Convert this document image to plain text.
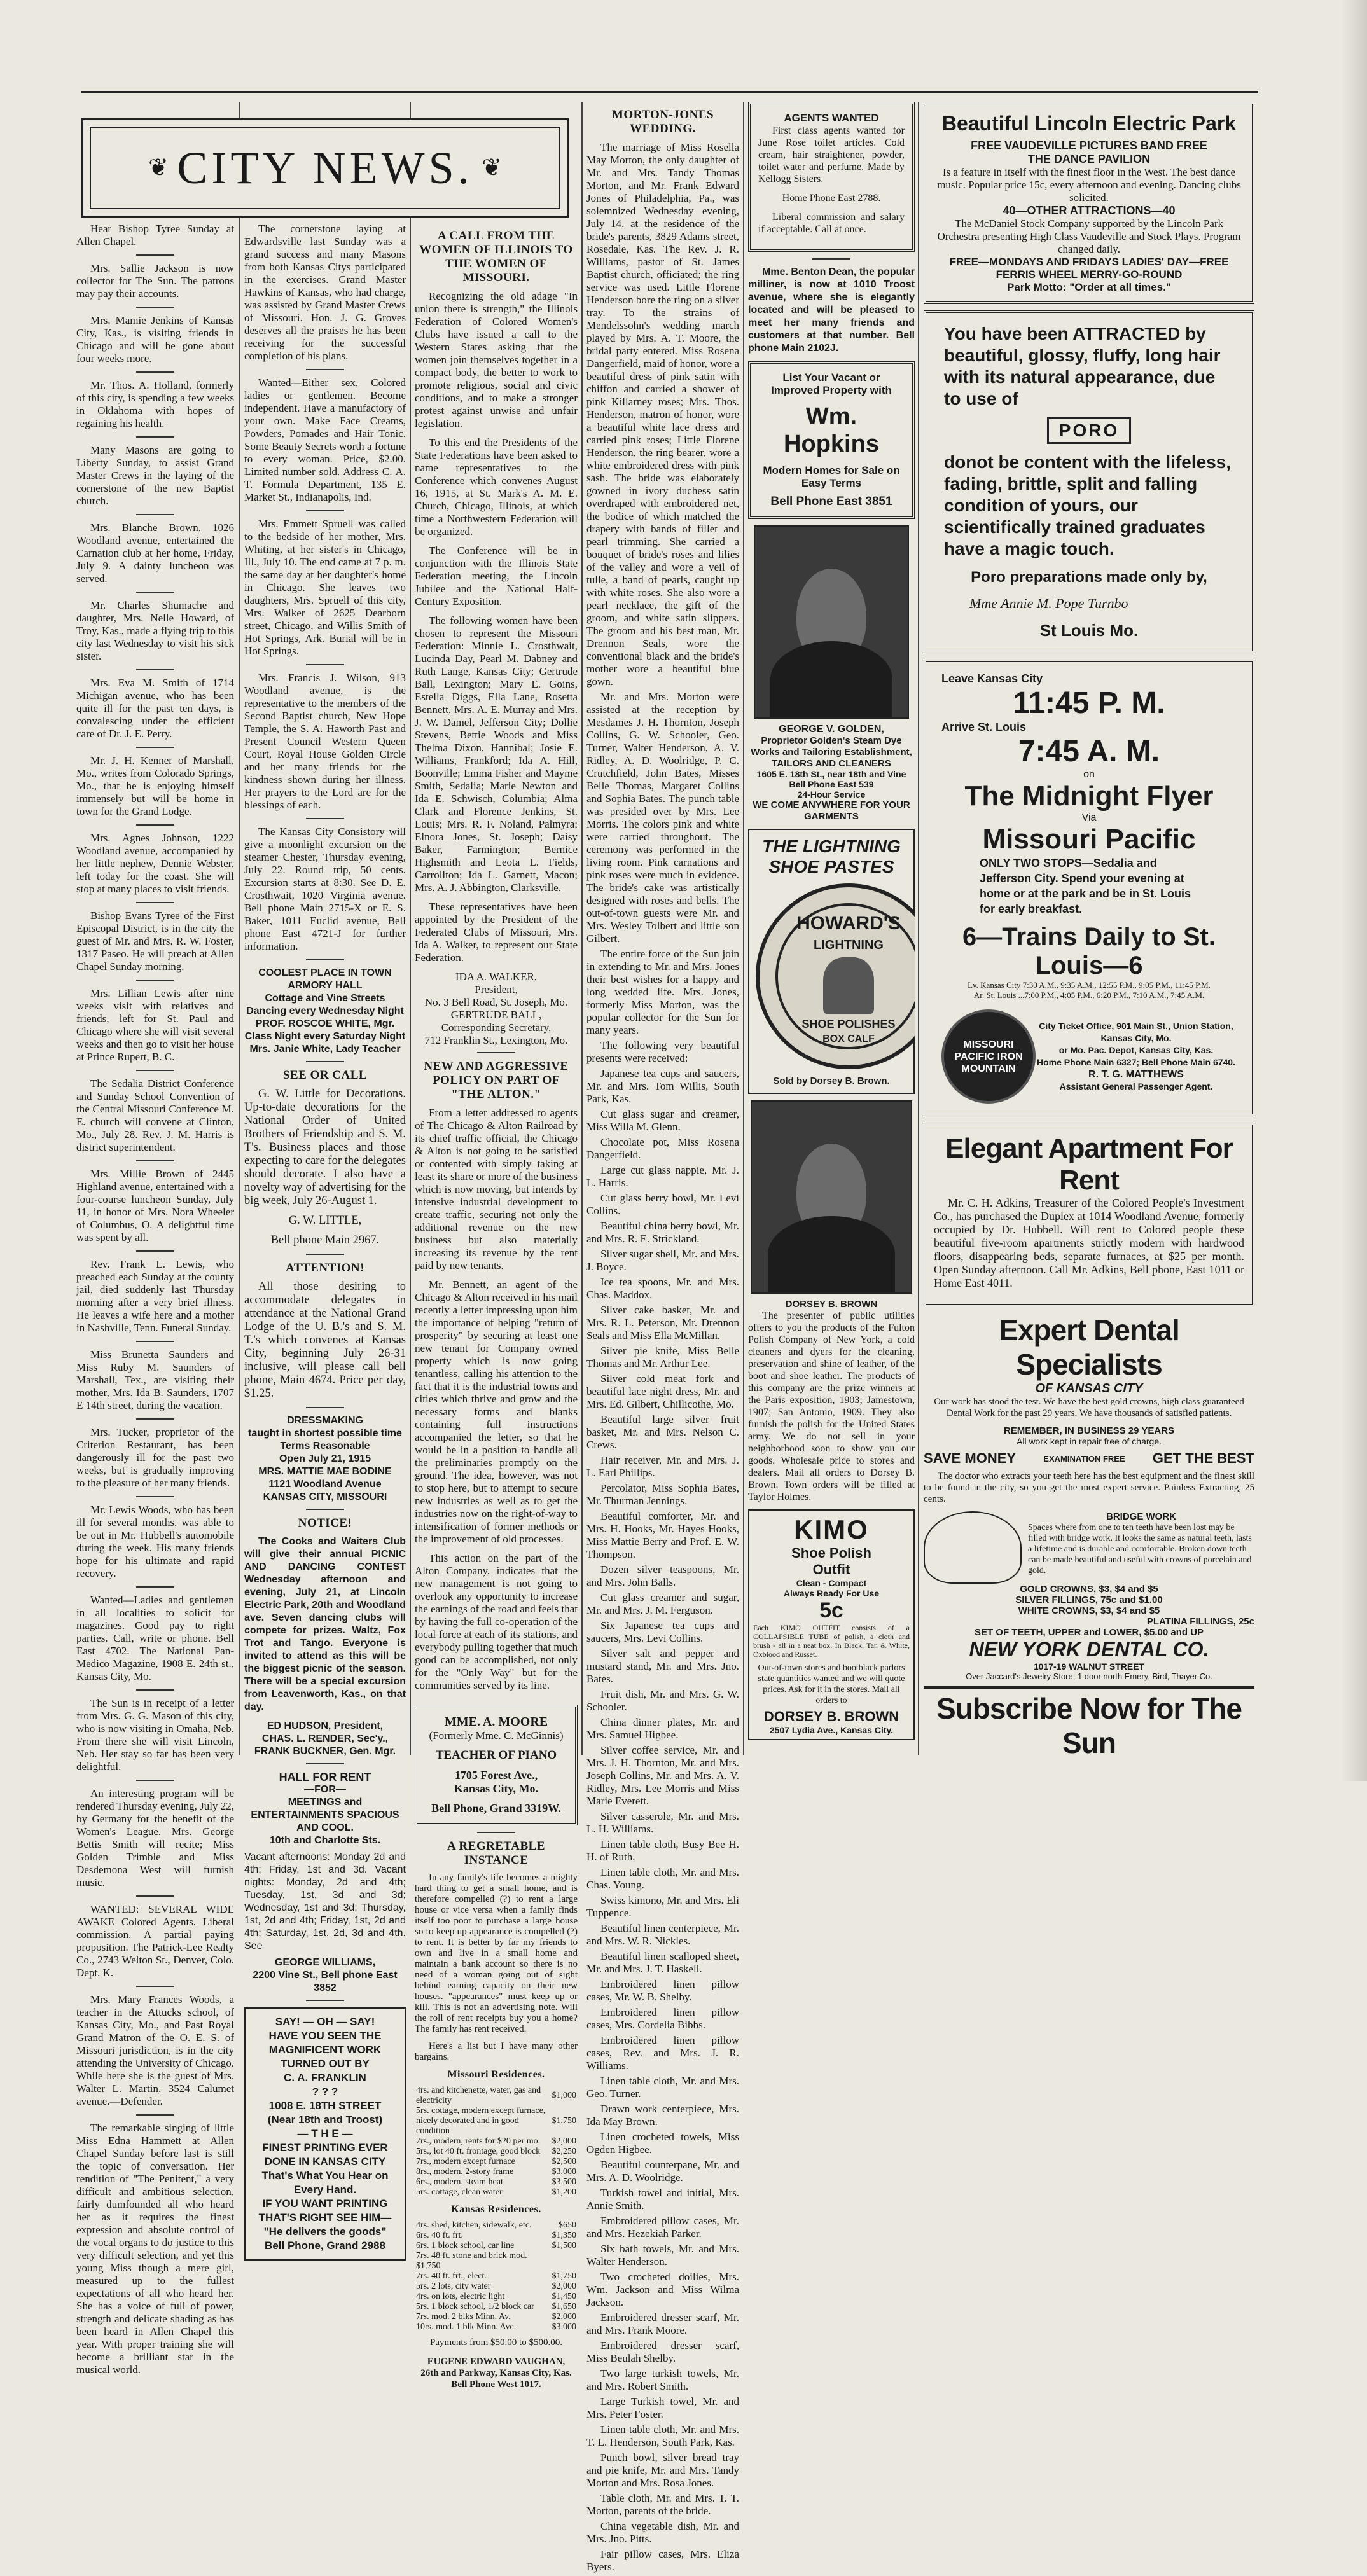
Hear Bishop Tyree Sunday at Allen Chapel.

Mrs. Sallie Jackson is now collector for The Sun. The patrons may pay their accounts.

Mrs. Mamie Jenkins of Kansas City, Kas., is visiting friends in Chicago and will be gone about four weeks more.

Mr. Thos. A. Holland, formerly of this city, is spending a few weeks in Oklahoma with hopes of regaining his health.

Many Masons are going to Liberty Sunday, to assist Grand Master Crews in the laying of the cornerstone of the new Baptist church.

Mrs. Blanche Brown, 1026 Woodland avenue, entertained the Carnation club at her home, Friday, July 9. A dainty luncheon was served.

Mr. Charles Shumache and daughter, Mrs. Nelle Howard, of Troy, Kas., made a flying trip to this city last Wednesday to visit his sick sister.

Mrs. Eva M. Smith of 1714 Michigan avenue, who has been quite ill for the past ten days, is convalescing under the efficient care of Dr. J. E. Perry.

Mr. J. H. Kenner of Marshall, Mo., writes from Colorado Springs, Mo., that he is enjoying himself immensely but will be home in town for the Grand Lodge.

Mrs. Agnes Johnson, 1222 Woodland avenue, accompanied by her little nephew, Dennie Webster, left today for the coast. She will stop at many places to visit friends.

Bishop Evans Tyree of the First Episcopal District, is in the city the guest of Mr. and Mrs. R. W. Foster, 1317 Paseo. He will preach at Allen Chapel Sunday morning.

Mrs. Lillian Lewis after nine weeks visit with relatives and friends, left for St. Paul and Chicago where she will visit several weeks and then go to visit her house at Prince Rupert, B. C.

The Sedalia District Conference and Sunday School Convention of the Central Missouri Conference M. E. church will convene at Clinton, Mo., July 28. Rev. J. M. Harris is district superintendent.

Mrs. Millie Brown of 2445 Highland avenue, entertained with a four-course luncheon Sunday, July 11, in honor of Mrs. Nora Wheeler of Columbus, O. A delightful time was spent by all.

Rev. Frank L. Lewis, who preached each Sunday at the county jail, died suddenly last Thursday morning after a very brief illness. He leaves a wife here and a mother in Nashville, Tenn. Funeral Sunday.

Miss Brunetta Saunders and Miss Ruby M. Saunders of Marshall, Tex., are visiting their mother, Mrs. Ida B. Saunders, 1707 E 14th street, during the vacation.

Mrs. Tucker, proprietor of the Criterion Restaurant, has been dangerously ill for the past two weeks, but is gradually improving to the pleasure of her many friends.

Mr. Lewis Woods, who has been ill for several months, was able to be out in Mr. Hubbell's automobile during the week. His many friends hope for his ultimate and rapid recovery.

Wanted—Ladies and gentlemen in all localities to solicit for magazines. Good pay to right parties. Call, write or phone. Bell East 4702. The National Pan-Medico Magazine, 1908 E. 24th st., Kansas City, Mo.

The Sun is in receipt of a letter from Mrs. G. G. Mason of this city, who is now visiting in Omaha, Neb. From there she will visit Lincoln, Neb. Her stay so far has been very delightful.

An interesting program will be rendered Thursday evening, July 22, by Germany for the benefit of the Women's League. Mrs. George Bettis Smith will recite; Miss Golden Trimble and Miss Desdemona West will furnish music.

WANTED: SEVERAL WIDE AWAKE Colored Agents. Liberal commission. A partial paying proposition. The Patrick-Lee Realty Co., 2743 Welton St., Denver, Colo. Dept. K.

Mrs. Mary Frances Woods, a teacher in the Attucks school, of Kansas City, Mo., and Past Royal Grand Matron of the O. E. S. of Missouri jurisdiction, is in the city attending the University of Chicago. While here she is the guest of Mrs. Walter L. Martin, 3524 Calumet avenue.—Defender.

The remarkable singing of little Miss Edna Hammett at Allen Chapel Sunday before last is still the topic of conversation. Her rendition of "The Penitent," a very difficult and ambitious selection, fairly dumfounded all who heard her as it requires the finest expression and absolute control of the vocal organs to do justice to this very difficult selection, and yet this young Miss though a mere girl, measured up to the fullest expectations of all who heard her. She has a voice of full of power, strength and delicate shading as has been heard in Allen Chapel this year. With proper training she will become a brilliant star in the musical world.

❦ CITY NEWS. ❦

The cornerstone laying at Edwardsville last Sunday was a grand success and many Masons from both Kansas Citys participated in the exercises. Grand Master Hawkins of Kansas, who had charge, was assisted by Grand Master Crews of Missouri. Hon. J. G. Groves deserves all the praises he has been receiving for the successful completion of his plans.

Wanted—Either sex, Colored ladies or gentlemen. Become independent. Have a manufactory of your own. Make Face Creams, Powders, Pomades and Hair Tonic. Some Beauty Secrets worth a fortune to every woman. Price, $2.00. Limited number sold. Address C. A. T. Formula Department, 135 E. Market St., Indianapolis, Ind.

Mrs. Emmett Spruell was called to the bedside of her mother, Mrs. Whiting, at her sister's in Chicago, Ill., July 10. The end came at 7 p. m. the same day at her daughter's home in Chicago. She leaves two daughters, Mrs. Spruell of this city, Mrs. Walker of 2625 Dearborn street, Chicago, and Willis Smith of Hot Springs, Ark. Burial will be in Hot Springs.

Mrs. Francis J. Wilson, 913 Woodland avenue, is the representative to the members of the Second Baptist church, New Hope Temple, the S. A. Haworth Past and Present Council Western Queen Court, Royal House Golden Circle and her many friends for the kindness shown during her illness. Her prayers to the Lord are for the blessings of each.

The Kansas City Consistory will give a moonlight excursion on the steamer Chester, Thursday evening, July 22. Round trip, 50 cents. Excursion starts at 8:30. See D. E. Crosthwait, 1020 Virginia avenue. Bell phone Main 2715-X or E. S. Baker, 1011 Euclid avenue, Bell phone East 4721-J for further information.

COOLEST PLACE IN TOWN
ARMORY HALL
Cottage and Vine Streets
Dancing every Wednesday Night
PROF. ROSCOE WHITE, Mgr.
Class Night every Saturday Night
Mrs. Janie White, Lady Teacher
SEE OR CALL

G. W. Little for Decorations. Up-to-date decorations for the National Order of United Brothers of Friendship and S. M. T's. Business places and those expecting to care for the delegates should decorate. I also have a novelty way of advertising for the big week, July 26-August 1.

G. W. LITTLE,

Bell phone Main 2967.

ATTENTION!

All those desiring to accommodate delegates in attendance at the National Grand Lodge of the U. B.'s and S. M. T.'s which convenes at Kansas City, beginning July 26-31 inclusive, will please call bell phone, Main 4674. Price per day, $1.25.

DRESSMAKING
taught in shortest possible time
Terms Reasonable
Open July 21, 1915
MRS. MATTIE MAE BODINE
1121 Woodland Avenue
KANSAS CITY, MISSOURI
NOTICE!

The Cooks and Waiters Club will give their annual PICNIC AND DANCING CONTEST Wednesday afternoon and evening, July 21, at Lincoln Electric Park, 20th and Woodland ave. Seven dancing clubs will compete for prizes. Waltz, Fox Trot and Tango. Everyone is invited to attend as this will be the biggest picnic of the season. There will be a special excursion from Leavenworth, Kas., on that day.

ED HUDSON, President,
CHAS. L. RENDER, Sec'y.,
FRANK BUCKNER, Gen. Mgr.
HALL FOR RENT
—FOR—
MEETINGS and ENTERTAINMENTS SPACIOUS AND COOL.
10th and Charlotte Sts.
Vacant afternoons: Monday 2d and 4th; Friday, 1st and 3d. Vacant nights: Monday, 2d and 4th; Tuesday, 1st, 3d and 3d; Wednesday, 1st and 3d; Thursday, 1st, 2d and 4th; Friday, 1st, 2d and 4th; Saturday, 1st, 2d, 3d and 4th. See
GEORGE WILLIAMS,
2200 Vine St., Bell phone East 3852
SAY! — OH — SAY!
HAVE YOU SEEN THE
MAGNIFICENT WORK
TURNED OUT BY
C. A. FRANKLIN
? ? ?
1008 E. 18TH STREET
(Near 18th and Troost)
— T H E —
FINEST PRINTING EVER DONE IN KANSAS CITY
That's What You Hear on Every Hand.
IF YOU WANT PRINTING THAT'S RIGHT SEE HIM—
"He delivers the goods"
Bell Phone, Grand 2988
A CALL FROM THE WOMEN OF ILLINOIS TO THE WOMEN OF MISSOURI.

Recognizing the old adage "In union there is strength," the Illinois Federation of Colored Women's Clubs have issued a call to the Western States asking that the women join themselves together in a compact body, the better to work to promote religious, social and civic conditions, and to make a stronger protest against unwise and unfair legislation.

To this end the Presidents of the State Federations have been asked to name representatives to the Conference which convenes August 16, 1915, at St. Mark's A. M. E. Church, Chicago, Illinois, at which time a Northwestern Federation will be organized.

The Conference will be in conjunction with the Illinois State Federation meeting, the Lincoln Jubilee and the National Half-Century Exposition.

The following women have been chosen to represent the Missouri Federation: Minnie L. Crosthwait, Lucinda Day, Pearl M. Dabney and Ruth Lange, Kansas City; Gertrude Ball, Lexington; Mary E. Goins, Estella Diggs, Ella Lane, Rosetta Bennett, Mrs. A. E. Murray and Mrs. J. W. Damel, Jefferson City; Dollie Stevens, Bettie Woods and Miss Thelma Dixon, Hannibal; Josie E. Williams, Frankford; Ida A. Hill, Boonville; Emma Fisher and Mayme Smith, Sedalia; Marie Newton and Ida E. Schwisch, Columbia; Alma Clark and Florence Jenkins, St. Louis; Mrs. R. F. Noland, Palmyra; Elnora Jones, St. Joseph; Daisy Baker, Farmington; Bernice Highsmith and Leota L. Fields, Carrollton; Ida L. Garnett, Macon; Mrs. A. J. Abbington, Clarksville.

These representatives have been appointed by the President of the Federated Clubs of Missouri, Mrs. Ida A. Walker, to represent our State Federation.

IDA A. WALKER,
President,
No. 3 Bell Road, St. Joseph, Mo.
GERTRUDE BALL,
Corresponding Secretary,
712 Franklin St., Lexington, Mo.
NEW AND AGGRESSIVE POLICY ON PART OF "THE ALTON."

From a letter addressed to agents of The Chicago & Alton Railroad by its chief traffic official, the Chicago & Alton is not going to be satisfied or contented with simply taking at least its share or more of the business which is now moving, but intends by intensive industrial development to create traffic, securing not only the additional revenue on the new business but also materially increasing its revenue by the rent paid by new tenants.

Mr. Bennett, an agent of the Chicago & Alton received in his mail recently a letter impressing upon him the importance of helping "return of prosperity" by securing at least one new tenant for Company owned property which is now going tenantless, calling his attention to the fact that it is the industrial towns and cities which thrive and grow and the necessary forms and blanks containing full instructions accompanied the letter, so that he would be in a position to handle all the preliminaries promptly on the ground. The idea, however, was not to stop here, but to attempt to secure new industries as well as to get the industries now on the right-of-way to intensification of former methods or the improvement of old processes.

This action on the part of the Alton Company, indicates that the new management is not going to overlook any opportunity to increase the earnings of the road and feels that by having the full co-operation of the local force at each of its stations, and everybody pulling together that much good can be accomplished, not only for the "Only Way" but for the communities served by its line.

MME. A. MOORE
(Formerly Mme. C. McGinnis)
TEACHER OF PIANO
1705 Forest Ave.,
Kansas City, Mo.
Bell Phone, Grand 3319W.
A REGRETABLE INSTANCE

In any family's life becomes a mighty hard thing to get a small home, and is therefore compelled (?) to rent a large house or vice versa when a family finds itself too poor to purchase a large house so to keep up appearance is compelled (?) to rent. It is better by far my friends to own and live in a small home and maintain a bank account so there is no need of a woman going out of sight behind earning capacity on their new houses. "appearances" must keep up or kill. This is not an advertising note. Will the roll of rent receipts buy you a home? The family has rent received.

Here's a list but I have many other bargains.

Missouri Residences.
4rs. and kitchenette, water, gas and electricity	$1,000
5rs. cottage, modern except furnace, nicely decorated and in good condition	$1,750
7rs., modern, rents for $20 per mo.	$2,000
5rs., lot 40 ft. frontage, good block	$2,250
7rs., modern except furnace	$2,500
8rs., modern, 2-story frame	$3,000
6rs., modern, steam heat	$3,500
5rs. cottage, clean water	$1,200
Kansas Residences.
4rs. shed, kitchen, sidewalk, etc.	$650
6rs. 40 ft. frt.	$1,350
6rs. 1 block school, car line	$1,500
7rs. 48 ft. stone and brick mod. $1,750	
7rs. 40 ft. frt., elect.	$1,750
5rs. 2 lots, city water	$2,000
4rs. on lots, electric light	$1,450
5rs. 1 block school, 1/2 block car	$1,650
7rs. mod. 2 blks Minn. Av.	$2,000
10rs. mod. 1 blk Minn. Ave.	$3,000

Payments from $50.00 to $500.00.

EUGENE EDWARD VAUGHAN,
26th and Parkway, Kansas City, Kas.
Bell Phone West 1017.
MORTON-JONES WEDDING.

The marriage of Miss Rosella May Morton, the only daughter of Mr. and Mrs. Tandy Thomas Morton, and Mr. Frank Edward Jones of Philadelphia, Pa., was solemnized Wednesday evening, July 14, at the residence of the bride's parents, 3829 Adams street, Rosedale, Kas. The Rev. J. R. Williams, pastor of St. James Baptist church, officiated; the ring service was used. Little Florene Henderson bore the ring on a silver tray. To the strains of Mendelssohn's wedding march played by Mrs. A. T. Moore, the bridal party entered. Miss Rosena Dangerfield, maid of honor, wore a beautiful dress of pink satin with chiffon and carried a shower of pink Killarney roses; Mrs. Thos. Henderson, matron of honor, wore a beautiful white lace dress and carried pink roses; Little Florene Henderson, the ring bearer, wore a white embroidered dress with pink sash. The bride was elaborately gowned in ivory duchess satin overdraped with embroidered net, the bodice of which matched the drapery with bands of fillet and pearl trimming. She carried a bouquet of bride's roses and lilies of the valley and wore a veil of tulle, a band of pearls, caught up with white roses. She also wore a pearl necklace, the gift of the groom, and white satin slippers. The groom and his best man, Mr. Drennon Seals, wore the conventional black and the bride's mother wore a beautiful blue gown.

Mr. and Mrs. Morton were assisted at the reception by Mesdames J. H. Thornton, Joseph Collins, G. W. Schooler, Geo. Turner, Walter Henderson, A. V. Ridley, A. D. Woolridge, P. C. Crutchfield, John Bates, Misses Belle Thomas, Margaret Collins and Sophia Bates. The punch table was presided over by Mrs. Lee Morris. The colors pink and white were carried throughout. The ceremony was performed in the living room. Pink carnations and pink roses were much in evidence. The bride's cake was artistically designed with roses and bells. The out-of-town guests were Mr. and Mrs. Wesley Tolbert and little son Gilbert.

The entire force of the Sun join in extending to Mr. and Mrs. Jones their best wishes for a happy and long wedded life. Mrs. Jones, formerly Miss Morton, was the popular collector for the Sun for many years.

The following very beautiful presents were received:

Japanese tea cups and saucers, Mr. and Mrs. Tom Willis, South Park, Kas.

Cut glass sugar and creamer, Miss Willa M. Glenn.

Chocolate pot, Miss Rosena Dangerfield.

Large cut glass nappie, Mr. J. L. Harris.

Cut glass berry bowl, Mr. Levi Collins.

Beautiful china berry bowl, Mr. and Mrs. R. E. Strickland.

Silver sugar shell, Mr. and Mrs. J. Boyce.

Ice tea spoons, Mr. and Mrs. Chas. Maddox.

Silver cake basket, Mr. and Mrs. R. L. Peterson, Mr. Drennon Seals and Miss Ella McMillan.

Silver pie knife, Miss Belle Thomas and Mr. Arthur Lee.

Silver cold meat fork and beautiful lace night dress, Mr. and Mrs. Ed. Gilbert, Chillicothe, Mo.

Beautiful large silver fruit basket, Mr. and Mrs. Nelson C. Crews.

Hair receiver, Mr. and Mrs. J. L. Earl Phillips.

Percolator, Miss Sophia Bates, Mr. Thurman Jennings.

Beautiful comforter, Mr. and Mrs. H. Hooks, Mr. Hayes Hooks, Miss Mattie Berry and Prof. E. W. Thompson.

Dozen silver teaspoons, Mr. and Mrs. John Balls.

Cut glass creamer and sugar, Mr. and Mrs. J. M. Ferguson.

Six Japanese tea cups and saucers, Mrs. Levi Collins.

Silver salt and pepper and mustard stand, Mr. and Mrs. Jno. Bates.

Fruit dish, Mr. and Mrs. G. W. Schooler.

China dinner plates, Mr. and Mrs. Samuel Higbee.

Silver coffee service, Mr. and Mrs. J. H. Thornton, Mr. and Mrs. Joseph Collins, Mr. and Mrs. A. V. Ridley, Mrs. Lee Morris and Miss Marie Everett.

Silver casserole, Mr. and Mrs. L. H. Williams.

Linen table cloth, Busy Bee H. H. of Ruth.

Linen table cloth, Mr. and Mrs. Chas. Young.

Swiss kimono, Mr. and Mrs. Eli Tuppence.

Beautiful linen centerpiece, Mr. and Mrs. W. R. Nickles.

Beautiful linen scalloped sheet, Mr. and Mrs. J. T. Haskell.

Embroidered linen pillow cases, Mr. W. B. Shelby.

Embroidered linen pillow cases, Mrs. Cordelia Bibbs.

Embroidered linen pillow cases, Rev. and Mrs. J. R. Williams.

Linen table cloth, Mr. and Mrs. Geo. Turner.

Drawn work centerpiece, Mrs. Ida May Brown.

Linen crocheted towels, Miss Ogden Higbee.

Beautiful counterpane, Mr. and Mrs. A. D. Woolridge.

Turkish towel and initial, Mrs. Annie Smith.

Embroidered pillow cases, Mr. and Mrs. Hezekiah Parker.

Six bath towels, Mr. and Mrs. Walter Henderson.

Two crocheted doilies, Mrs. Wm. Jackson and Miss Wilma Jackson.

Embroidered dresser scarf, Mr. and Mrs. Frank Moore.

Embroidered dresser scarf, Miss Beulah Shelby.

Two large turkish towels, Mr. and Mrs. Robert Smith.

Large Turkish towel, Mr. and Mrs. Peter Foster.

Linen table cloth, Mr. and Mrs. T. L. Henderson, South Park, Kas.

Punch bowl, silver bread tray and pie knife, Mr. and Mrs. Tandy Morton and Mrs. Rosa Jones.

Table cloth, Mr. and Mrs. T. T. Morton, parents of the bride.

China vegetable dish, Mr. and Mrs. Jno. Pitts.

Fair pillow cases, Mrs. Eliza Byers.

AGENTS WANTED

First class agents wanted for June Rose toilet articles. Cold cream, hair straightener, powder, toilet water and perfume. Made by Kellogg Sisters.

Home Phone East 2788.

Liberal commission and salary if acceptable. Call at once.

Mme. Benton Dean, the popular milliner, is now at 1010 Troost avenue, where she is elegantly located and will be pleased to meet her many friends and customers at that number. Bell phone Main 2102J.

List Your Vacant or Improved Property with
Wm. Hopkins
Modern Homes for Sale on Easy Terms
Bell Phone East 3851
GEORGE V. GOLDEN,
Proprietor Golden's Steam Dye Works and Tailoring Establishment,
TAILORS AND CLEANERS
1605 E. 18th St., near 18th and Vine
Bell Phone East 539
24-Hour Service
WE COME ANYWHERE FOR YOUR GARMENTS
THE LIGHTNING SHOE PASTES
HOWARD'S
LIGHTNING
SHOE POLISHES
BOX CALF
Sold by Dorsey B. Brown.
DORSEY B. BROWN

The presenter of public utilities offers to you the products of the Fulton Polish Company of New York, a cold cleaners and dyers for the cleaning, preservation and shine of leather, of the boot and shoe leather. The products of this company are the prize winners at the Paris exposition, 1903; Jamestown, 1907; San Antonio, 1909. They also furnish the polish for the United States army. We do not sell in your neighborhood soon to show you our goods. Wholesale price to stores and dealers. Mail all orders to Dorsey B. Brown. Town orders will be filled at Taylor Holmes.

KIMO
Shoe Polish
Outfit
Clean - Compact
Always Ready For Use
5c
Each KIMO OUTFIT consists of a COLLAPSIBLE TUBE of polish, a cloth and brush - all in a neat box. In Black, Tan & White, Oxblood and Russet.
Out-of-town stores and bootblack parlors state quantities wanted and we will quote prices. Ask for it in the stores. Mail all orders to
DORSEY B. BROWN
2507 Lydia Ave., Kansas City.
Beautiful Lincoln Electric Park
FREE VAUDEVILLE PICTURES BAND FREE
THE DANCE PAVILION
Is a feature in itself with the finest floor in the West. The best dance music. Popular price 15c, every afternoon and evening. Dancing clubs solicited.
40—OTHER ATTRACTIONS—40
The McDaniel Stock Company supported by the Lincoln Park Orchestra presenting High Class Vaudeville and Stock Plays. Program changed daily.
FREE—MONDAYS AND FRIDAYS LADIES' DAY—FREE
FERRIS WHEEL MERRY-GO-ROUND
Park Motto: "Order at all times."
You have been ATTRACTED by beautiful, glossy, fluffy, long hair with its natural appearance, due to use of
PORO
donot be content with the lifeless, fading, brittle, split and falling condition of yours, our scientifically trained graduates have a magic touch.
Poro preparations made only by,
Mme Annie M. Pope Turnbo
St Louis Mo.
Leave Kansas City
11:45 P. M.
Arrive St. Louis
7:45 A. M.
on
The Midnight Flyer
Via
Missouri Pacific
ONLY TWO STOPS—Sedalia and Jefferson City. Spend your evening at home or at the park and be in St. Louis for early breakfast.
6—Trains Daily to St. Louis—6
Lv. Kansas City 7:30 A.M., 9:35 A.M., 12:55 P.M., 9:05 P.M., 11:45 P.M.
Ar. St. Louis ...7:00 P.M., 4:05 P.M., 6:20 P.M., 7:10 A.M., 7:45 A.M.
MISSOURI PACIFIC IRON MOUNTAIN
City Ticket Office, 901 Main St., Union Station, Kansas City, Mo.
or Mo. Pac. Depot, Kansas City, Kas.
Home Phone Main 6327; Bell Phone Main 6740.
R. T. G. MATTHEWS
Assistant General Passenger Agent.
Elegant Apartment For Rent

Mr. C. H. Adkins, Treasurer of the Colored People's Investment Co., has purchased the Duplex at 1014 Woodland Avenue, formerly occupied by Dr. Hubbell. Will rent to Colored people these beautiful five-room apartments strictly modern with hardwood floors, disappearing beds, separate furnaces, at $25 per month. Open Sunday afternoon. Call Mr. Adkins, Bell phone, East 1011 or Home East 4011.

Expert Dental Specialists
OF KANSAS CITY

Our work has stood the test. We have the best gold crowns, high class guaranteed Dental Work for the past 29 years. We have thousands of satisfied patients.

REMEMBER, IN BUSINESS 29 YEARS
All work kept in repair free of charge.
SAVE MONEY	EXAMINATION FREE GET THE BEST

The doctor who extracts your teeth here has the best equipment and the finest skill to be found in the city, so you get the most expert service. Painless Extracting, 25 cents.

BRIDGE WORK
Spaces where from one to ten teeth have been lost may be filled with bridge work. It looks the same as natural teeth, lasts a lifetime and is durable and comfortable. Broken down teeth can be made beautiful and useful with crowns of porcelain and gold.
GOLD CROWNS, $3, $4 and $5
SILVER FILLINGS, 75c and $1.00
WHITE CROWNS, $3, $4 and $5
PLATINA FILLINGS, 25c
SET OF TEETH, UPPER and LOWER, $5.00 and UP
NEW YORK DENTAL CO.
1017-19 WALNUT STREET
Over Jaccard's Jewelry Store, 1 door north Emery, Bird, Thayer Co.
Subscribe Now for The Sun
